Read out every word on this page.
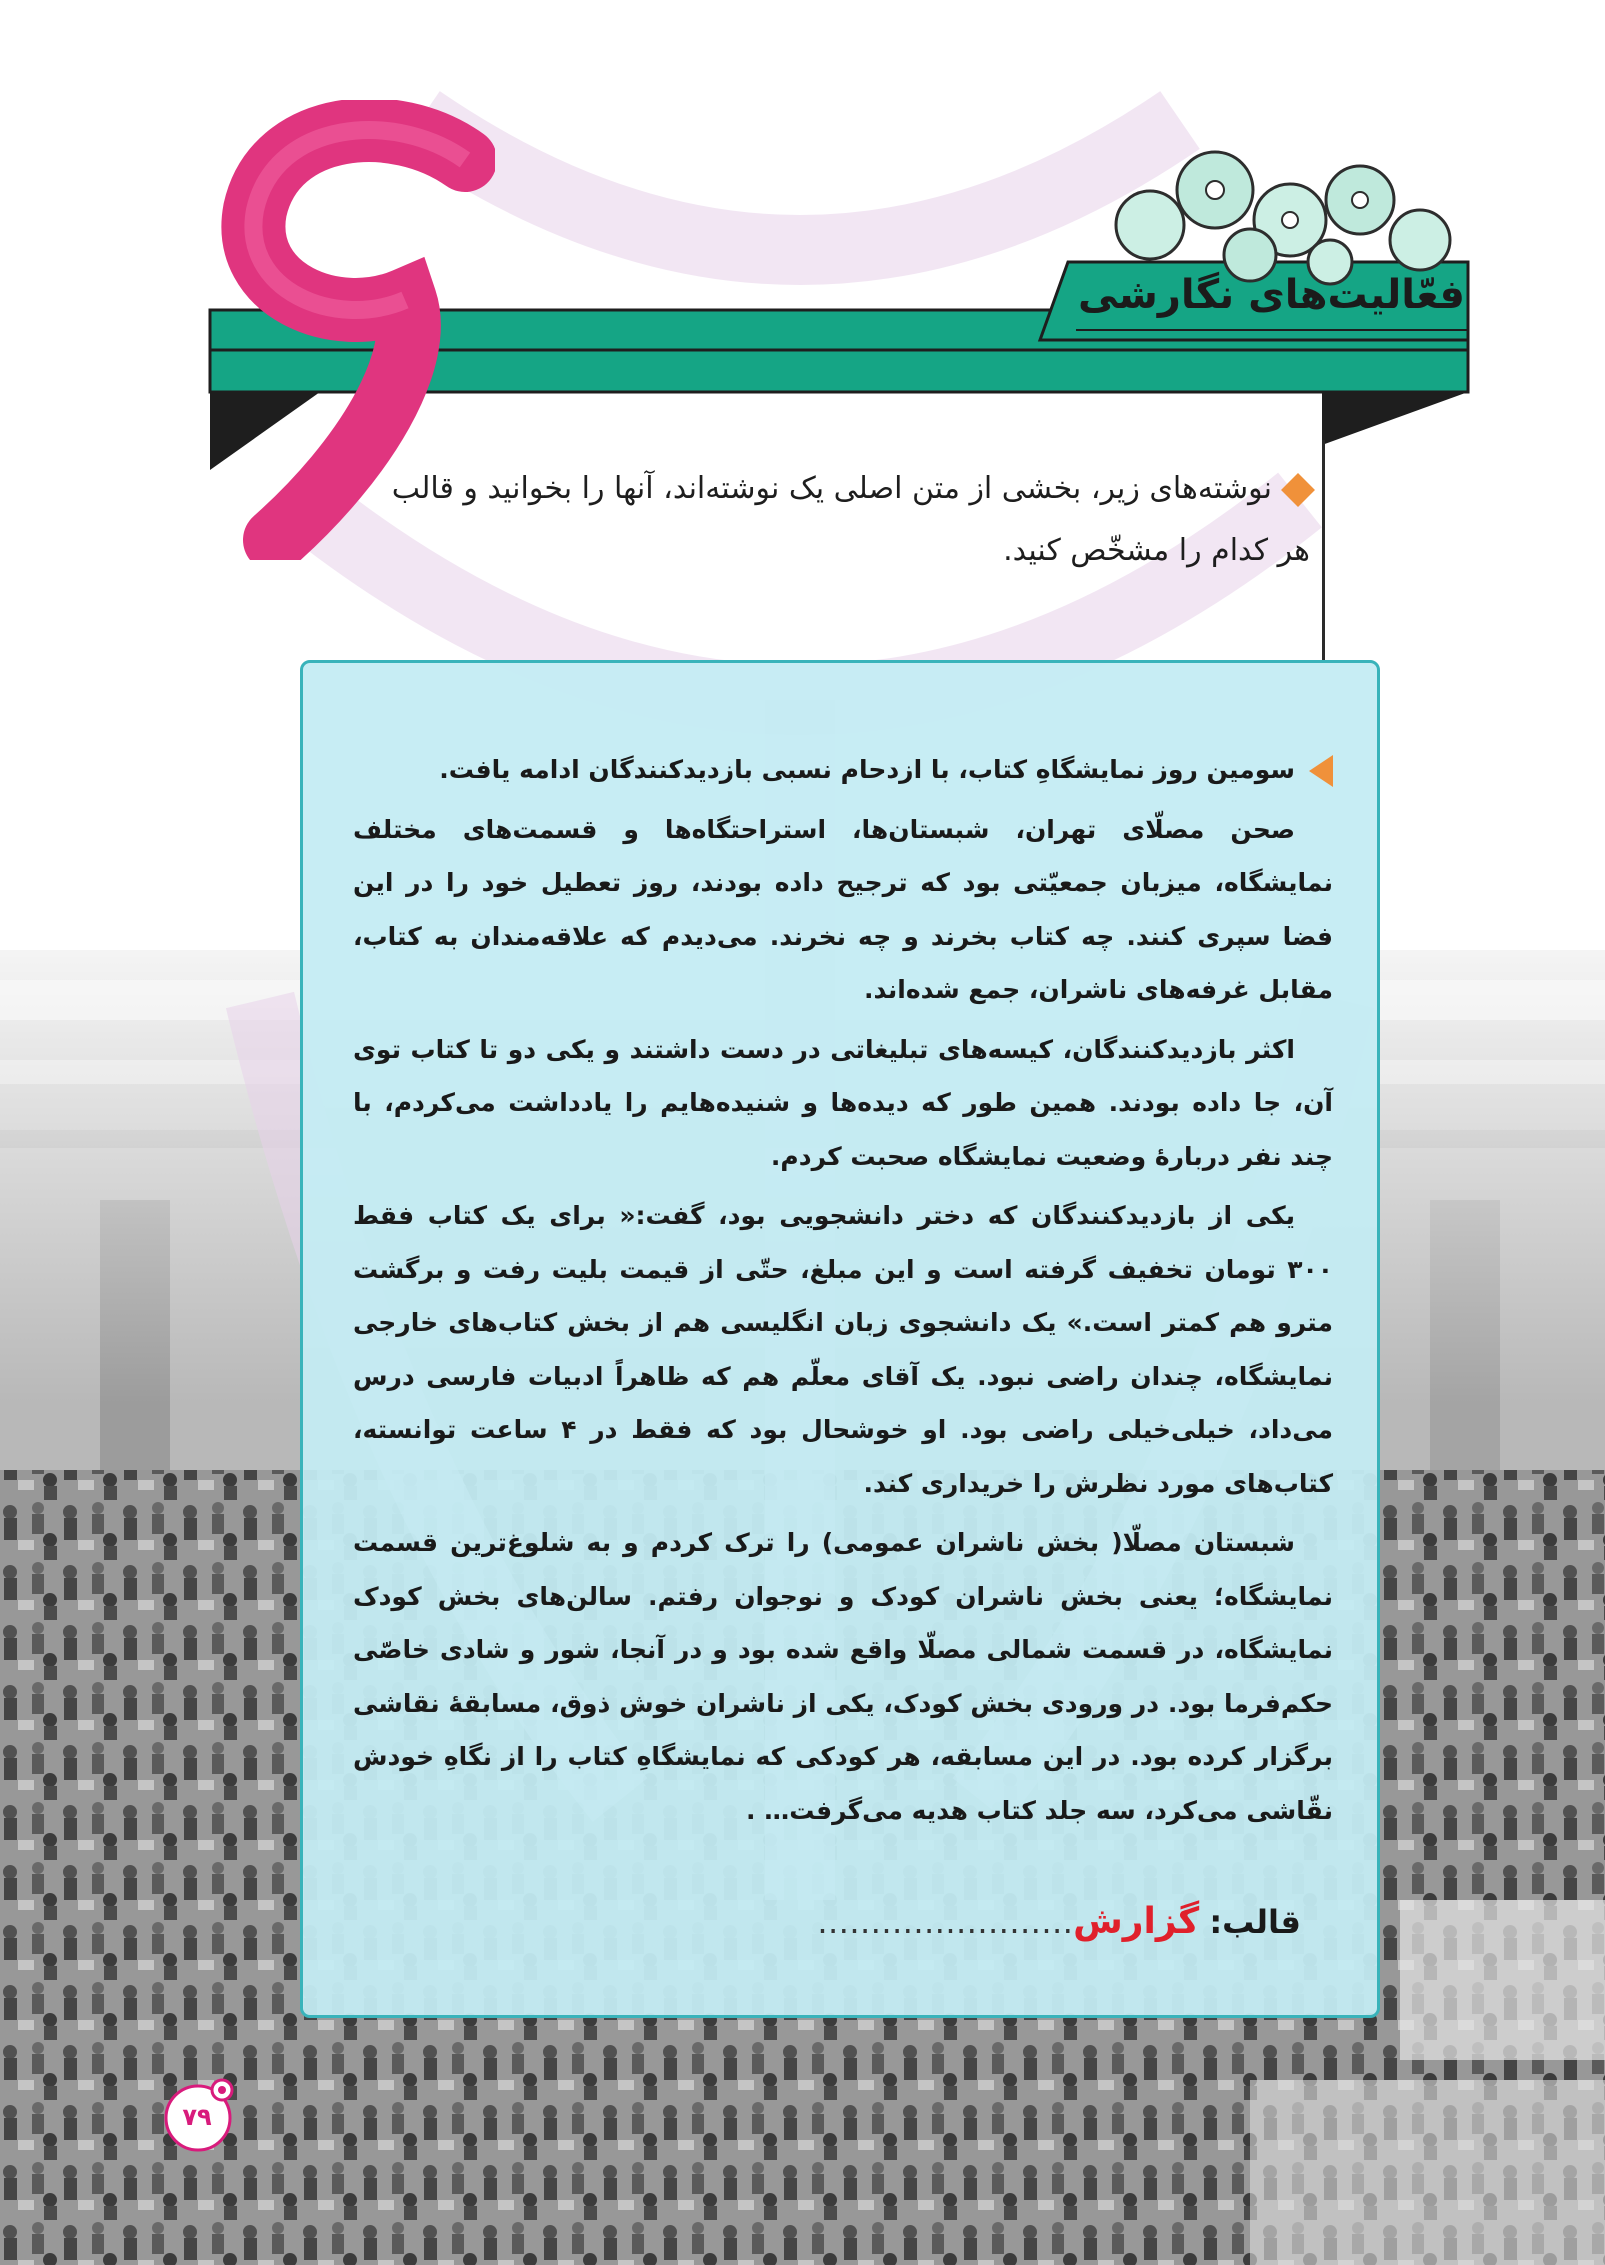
فعّالیت‌های نگارشی
نوشته‌های زیر، بخشی از متن اصلی یک نوشته‌اند، آنها را بخوانید و قالب هر کدام را مشخّص کنید.

سومین روز نمایشگاهِ کتاب، با ازدحام نسبی بازدیدکنندگان ادامه یافت.

صحن مصلّای تهران، شبستان‌ها، استراحتگاه‌ها و قسمت‌های مختلف نمایشگاه، میزبان جمعیّتی بود که ترجیح داده بودند، روز تعطیل خود را در این فضا سپری کنند. چه کتاب بخرند و چه نخرند. می‌دیدم که علاقه‌مندان به کتاب، مقابل غرفه‌های ناشران، جمع شده‌اند.

اکثر بازدیدکنندگان، کیسه‌های تبلیغاتی در دست داشتند و یکی دو تا کتاب توی آن، جا داده بودند. همین طور که دیده‌ها و شنیده‌هایم را یادداشت می‌کردم، با چند نفر دربارهٔ وضعیت نمایشگاه صحبت کردم.

یکی از بازدیدکنندگان که دختر دانشجویی بود، گفت:« برای یک کتاب فقط ۳۰۰ تومان تخفیف گرفته است و این مبلغ، حتّی از قیمت بلیت رفت و برگشت مترو هم کمتر است.» یک دانشجوی زبان انگلیسی هم از بخش کتاب‌های خارجی نمایشگاه، چندان راضی نبود. یک آقای معلّم هم که ظاهراً ادبیات فارسی درس می‌داد، خیلی‌خیلی راضی بود. او خوشحال بود که فقط در ۴ ساعت توانسته، کتاب‌های مورد نظرش را خریداری کند.

شبستان مصلّا( بخش ناشران عمومی) را ترک کردم و به شلوغ‌ترین قسمت نمایشگاه؛ یعنی بخش ناشران کودک و نوجوان رفتم. سالن‌های بخش کودک نمایشگاه، در قسمت شمالی مصلّا واقع شده بود و در آنجا، شور و شادی خاصّی حکم‌فرما بود. در ورودی بخش کودک، یکی از ناشران خوش ذوق، مسابقهٔ نقاشی برگزار کرده بود. در این مسابقه، هر کودکی که نمایشگاهِ کتاب را از نگاهِ خودش نقّاشی می‌کرد، سه جلد کتاب هدیه می‌گرفت… .

قالب: گزارش……………………
۷۹
